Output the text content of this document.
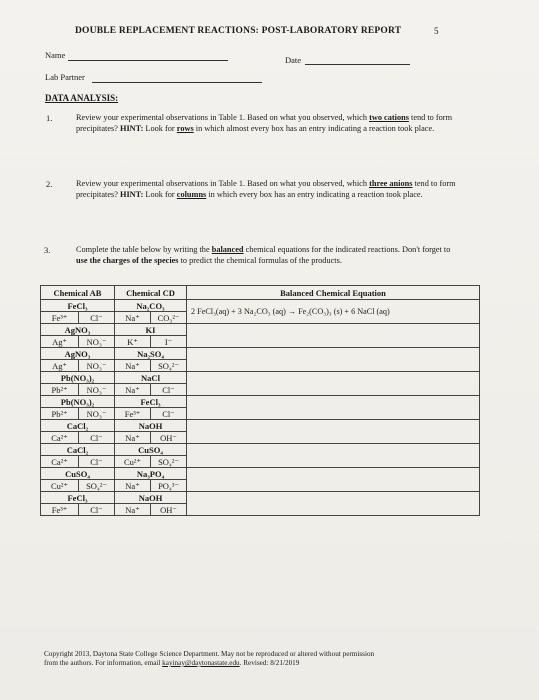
DOUBLE REPLACEMENT REACTIONS: POST-LABORATORY REPORT	5
Name	Date
Lab Partner
DATA ANALYSIS:
1.	Review your experimental observations in Table 1. Based on what you observed, which two cations tend to form precipitates? HINT: Look for rows in which almost every box has an entry indicating a reaction took place.
2.	Review your experimental observations in Table 1. Based on what you observed, which three anions tend to form precipitates? HINT: Look for columns in which every box has an entry indicating a reaction took place.
3.	Complete the table below by writing the balanced chemical equations for the indicated reactions. Don't forget to use the charges of the species to predict the chemical formulas of the products.
Chemical AB		Chemical CD		Balanced Chemical Equation
FeCl₃		Na₂CO₃		2 FeCl₃(aq) + 3 Na₂CO₃ (aq) → Fe₂(CO₃)₃ (s) + 6 NaCl (aq)
Fe³⁺	Cl⁻	Na⁺	CO₃²⁻	
AgNO₃		KI		
Ag⁺	NO₃⁻	K⁺	I⁻	
AgNO₃		Na₂SO₄		
Ag⁺	NO₃⁻	Na⁺	SO₄²⁻	
Pb(NO₃)₂		NaCl		
Pb²⁺	NO₃⁻	Na⁺	Cl⁻	
Pb(NO₃)₂		FeCl₃		
Pb²⁺	NO₃⁻	Fe³⁺	Cl⁻	
CaCl₂		NaOH		
Ca²⁺	Cl⁻	Na⁺	OH⁻	
CaCl₂		CuSO₄		
Ca²⁺	Cl⁻	Cu²⁺	SO₄²⁻	
CuSO₄		Na₃PO₄		
Cu²⁺	SO₄²⁻	Na⁺	PO₄³⁻	
FeCl₃		NaOH		
Fe³⁺	Cl⁻	Na⁺	OH⁻	
Copyright 2013, Daytona State College Science Department. May not be reproduced or altered without permission
from the authors. For information, email kayinay@daytonastate.edu. Revised: 8/21/2019
